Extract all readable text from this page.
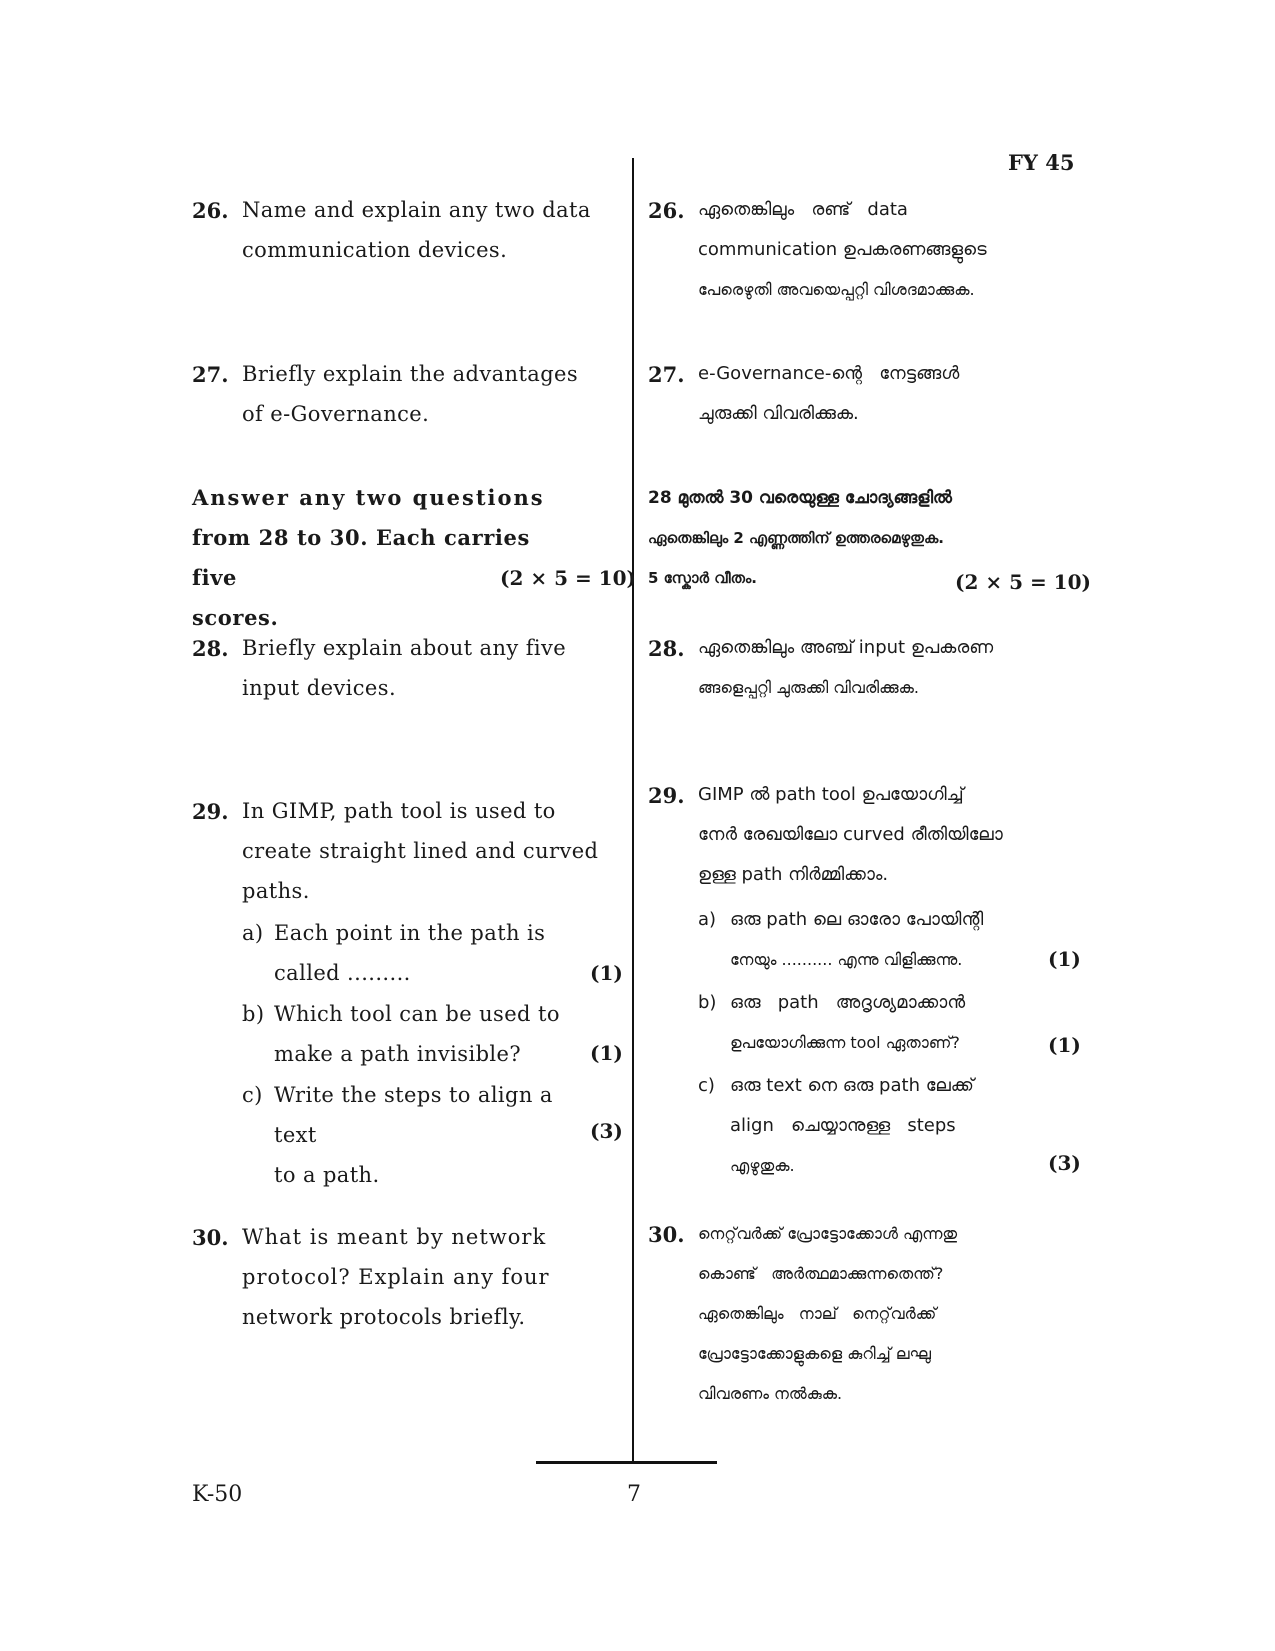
FY 45
K-50	7
26. Name and explain any two data
communication devices.
27. Briefly explain the advantages
of e-Governance.
Answer any two questions
from 28 to 30. Each carries five
scores.
(2 × 5 = 10)
28. Briefly explain about any five
input devices.
29. In GIMP, path tool is used to
create straight lined and curved
paths.
a) Each point in the path is
called .........	(1)
b) Which tool can be used to
make a path invisible?	(1)
c) Write the steps to align a text
to a path.
(3)
30. What is meant by network
protocol? Explain any four
network protocols briefly.
26. ഏതെങ്കിലും   രണ്ട്   data
communication ഉപകരണങ്ങളുടെ
പേരെഴുതി അവയെപ്പറ്റി വിശദമാക്കുക.
27. e-Governance-ന്റെ   നേട്ടങ്ങൾ
ചുരുക്കി വിവരിക്കുക.
28 മുതൽ 30 വരെയുള്ള ചോദ്യങ്ങളിൽ
ഏതെങ്കിലും 2 എണ്ണത്തിന് ഉത്തരമെഴുതുക.
5 സ്കോർ വീതം.	(2 × 5 = 10)
28. ഏതെങ്കിലും അഞ്ച് input ഉപകരണ
ങ്ങളെപ്പറ്റി ചുരുക്കി വിവരിക്കുക.
29. GIMP ൽ path tool ഉപയോഗിച്ച്
നേർ രേഖയിലോ curved രീതിയിലോ
ഉള്ള path നിർമ്മിക്കാം.
a) ഒരു path ലെ ഓരോ പോയിന്റി
നേയും .......... എന്നു വിളിക്കുന്നു.	(1)
b) ഒരു   path   അദൃശ്യമാക്കാൻ
ഉപയോഗിക്കുന്ന tool ഏതാണ്?	(1)
c) ഒരു text നെ ഒരു path ലേക്ക്
align   ചെയ്യാനുള്ള   steps
എഴുതുക.	(3)
30. നെറ്റ്‌വർക്ക് പ്രോട്ടോക്കോൾ എന്നതു
കൊണ്ട്   അർത്ഥമാക്കുന്നതെന്ത്?
ഏതെങ്കിലും   നാല്   നെറ്റ്‌വർക്ക്
പ്രോട്ടോക്കോളുകളെ കുറിച്ച് ലഘു
വിവരണം നൽകുക.
